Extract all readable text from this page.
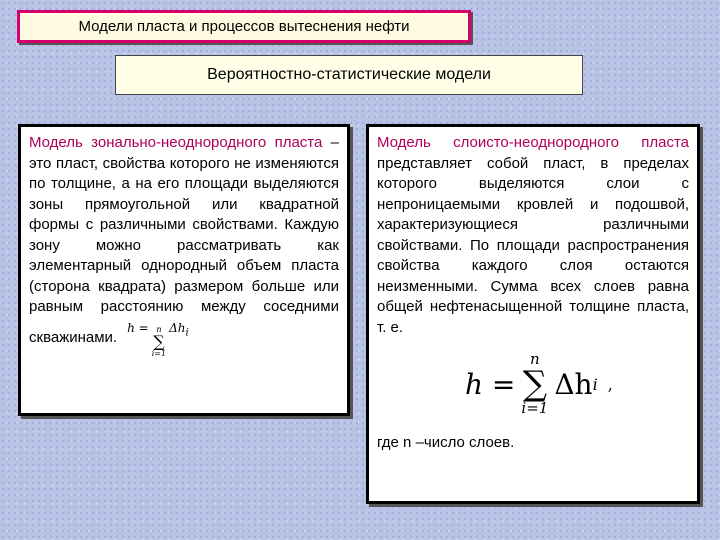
Модели пласта и процессов вытеснения нефти
Вероятностно-статистические модели

Модель зонально-неоднородного пласта – это пласт, свойства которого не изменяются по толщине, а на его площади выделяются зоны прямоугольной или квадратной формы с различными свойствами. Каждую зону можно рассматривать как элементарный однородный объем пласта (сторона квадрата) размером больше или равным расстоянию между соседними скважинами.h = n
∑
i=1
$\Delta h_i$

Модель слоисто-неоднородного пласта представляет собой пласт, в пределах которого выделяются слои с непроницаемыми кровлей и подошвой, характеризующиеся различными свойствами. По площади распространения свойства каждого слоя остаются неизменными. Сумма всех слоев равна общей нефтенасыщенной толщине пласта, т. е.

h =
n
∑
i=1
Δh i ,

где n –число слоев.
